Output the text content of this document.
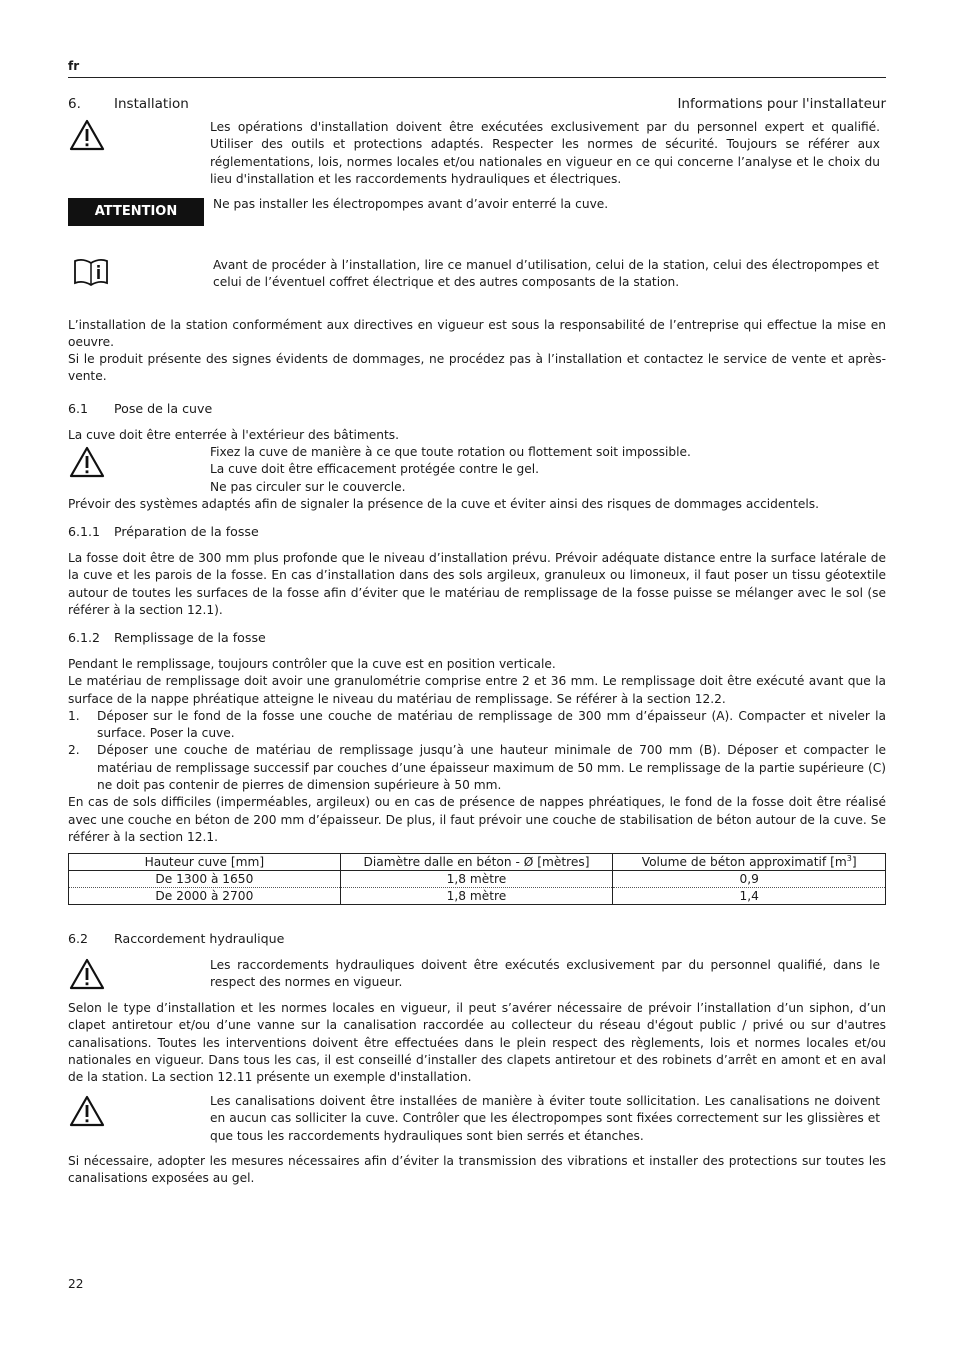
fr
6. Installation	Informations pour l'installateur
Les opérations d'installation doivent être exécutées exclusivement par du personnel expert et qualifié. Utiliser des outils et protections adaptés. Respecter les normes de sécurité. Toujours se référer aux réglementations, lois, normes locales et/ou nationales en vigueur en ce qui concerne l’analyse et le choix du lieu d'installation et les raccordements hydrauliques et électriques.
ATTENTION	Ne pas installer les électropompes avant d’avoir enterré la cuve.
Avant de procéder à l’installation, lire ce manuel d’utilisation, celui de la station, celui des électropompes et celui de l’éventuel coffret électrique et des autres composants de la station.
L’installation de la station conformément aux directives en vigueur est sous la responsabilité de l’entreprise qui effectue la mise en oeuvre.
Si le produit présente des signes évidents de dommages, ne procédez pas à l’installation et contactez le service de vente et après-vente.
6.1 Pose de la cuve
La cuve doit être enterrée à l'extérieur des bâtiments.
Fixez la cuve de manière à ce que toute rotation ou flottement soit impossible.
La cuve doit être efficacement protégée contre le gel.
Ne pas circuler sur le couvercle.
Prévoir des systèmes adaptés afin de signaler la présence de la cuve et éviter ainsi des risques de dommages accidentels.
6.1.1 Préparation de la fosse
La fosse doit être de 300 mm plus profonde que le niveau d’installation prévu. Prévoir adéquate distance entre la surface latérale de la cuve et les parois de la fosse. En cas d’installation dans des sols argileux, granuleux ou limoneux, il faut poser un tissu géotextile autour de toutes les surfaces de la fosse afin d’éviter que le matériau de remplissage de la fosse puisse se mélanger avec le sol (se référer à la section 12.1).
6.1.2 Remplissage de la fosse
Pendant le remplissage, toujours contrôler que la cuve est en position verticale.
Le matériau de remplissage doit avoir une granulométrie comprise entre 2 et 36 mm. Le remplissage doit être exécuté avant que la surface de la nappe phréatique atteigne le niveau du matériau de remplissage. Se référer à la section 12.2.
1. Déposer sur le fond de la fosse une couche de matériau de remplissage de 300 mm d’épaisseur (A). Compacter et niveler la surface. Poser la cuve.
2. Déposer une couche de matériau de remplissage jusqu’à une hauteur minimale de 700 mm (B). Déposer et compacter le matériau de remplissage successif par couches d’une épaisseur maximum de 50 mm. Le remplissage de la partie supérieure (C) ne doit pas contenir de pierres de dimension supérieure à 50 mm.
En cas de sols difficiles (imperméables, argileux) ou en cas de présence de nappes phréatiques, le fond de la fosse doit être réalisé avec une couche en béton de 200 mm d’épaisseur. De plus, il faut prévoir une couche de stabilisation de béton autour de la cuve. Se référer à la section 12.1.
Hauteur cuve [mm]	Diamètre dalle en béton - Ø [mètres]	Volume de béton approximatif $[m^3]$
De 1300 à 1650	1,8 mètre	0,9
De 2000 à 2700	1,8 mètre	1,4
6.2 Raccordement hydraulique
Les raccordements hydrauliques doivent être exécutés exclusivement par du personnel qualifié, dans le respect des normes en vigueur.
Selon le type d’installation et les normes locales en vigueur, il peut s’avérer nécessaire de prévoir l’installation d’un siphon, d’un clapet antiretour et/ou d’une vanne sur la canalisation raccordée au collecteur du réseau d'égout public / privé ou sur d'autres canalisations. Toutes les interventions doivent être effectuées dans le plein respect des règlements, lois et normes locales et/ou nationales en vigueur. Dans tous les cas, il est conseillé d’installer des clapets antiretour et des robinets d’arrêt en amont et en aval de la station. La section 12.11 présente un exemple d'installation.
Les canalisations doivent être installées de manière à éviter toute sollicitation. Les canalisations ne doivent en aucun cas solliciter la cuve. Contrôler que les électropompes sont fixées correctement sur les glissières et que tous les raccordements hydrauliques sont bien serrés et étanches.
Si nécessaire, adopter les mesures nécessaires afin d’éviter la transmission des vibrations et installer des protections sur toutes les canalisations exposées au gel.
22
